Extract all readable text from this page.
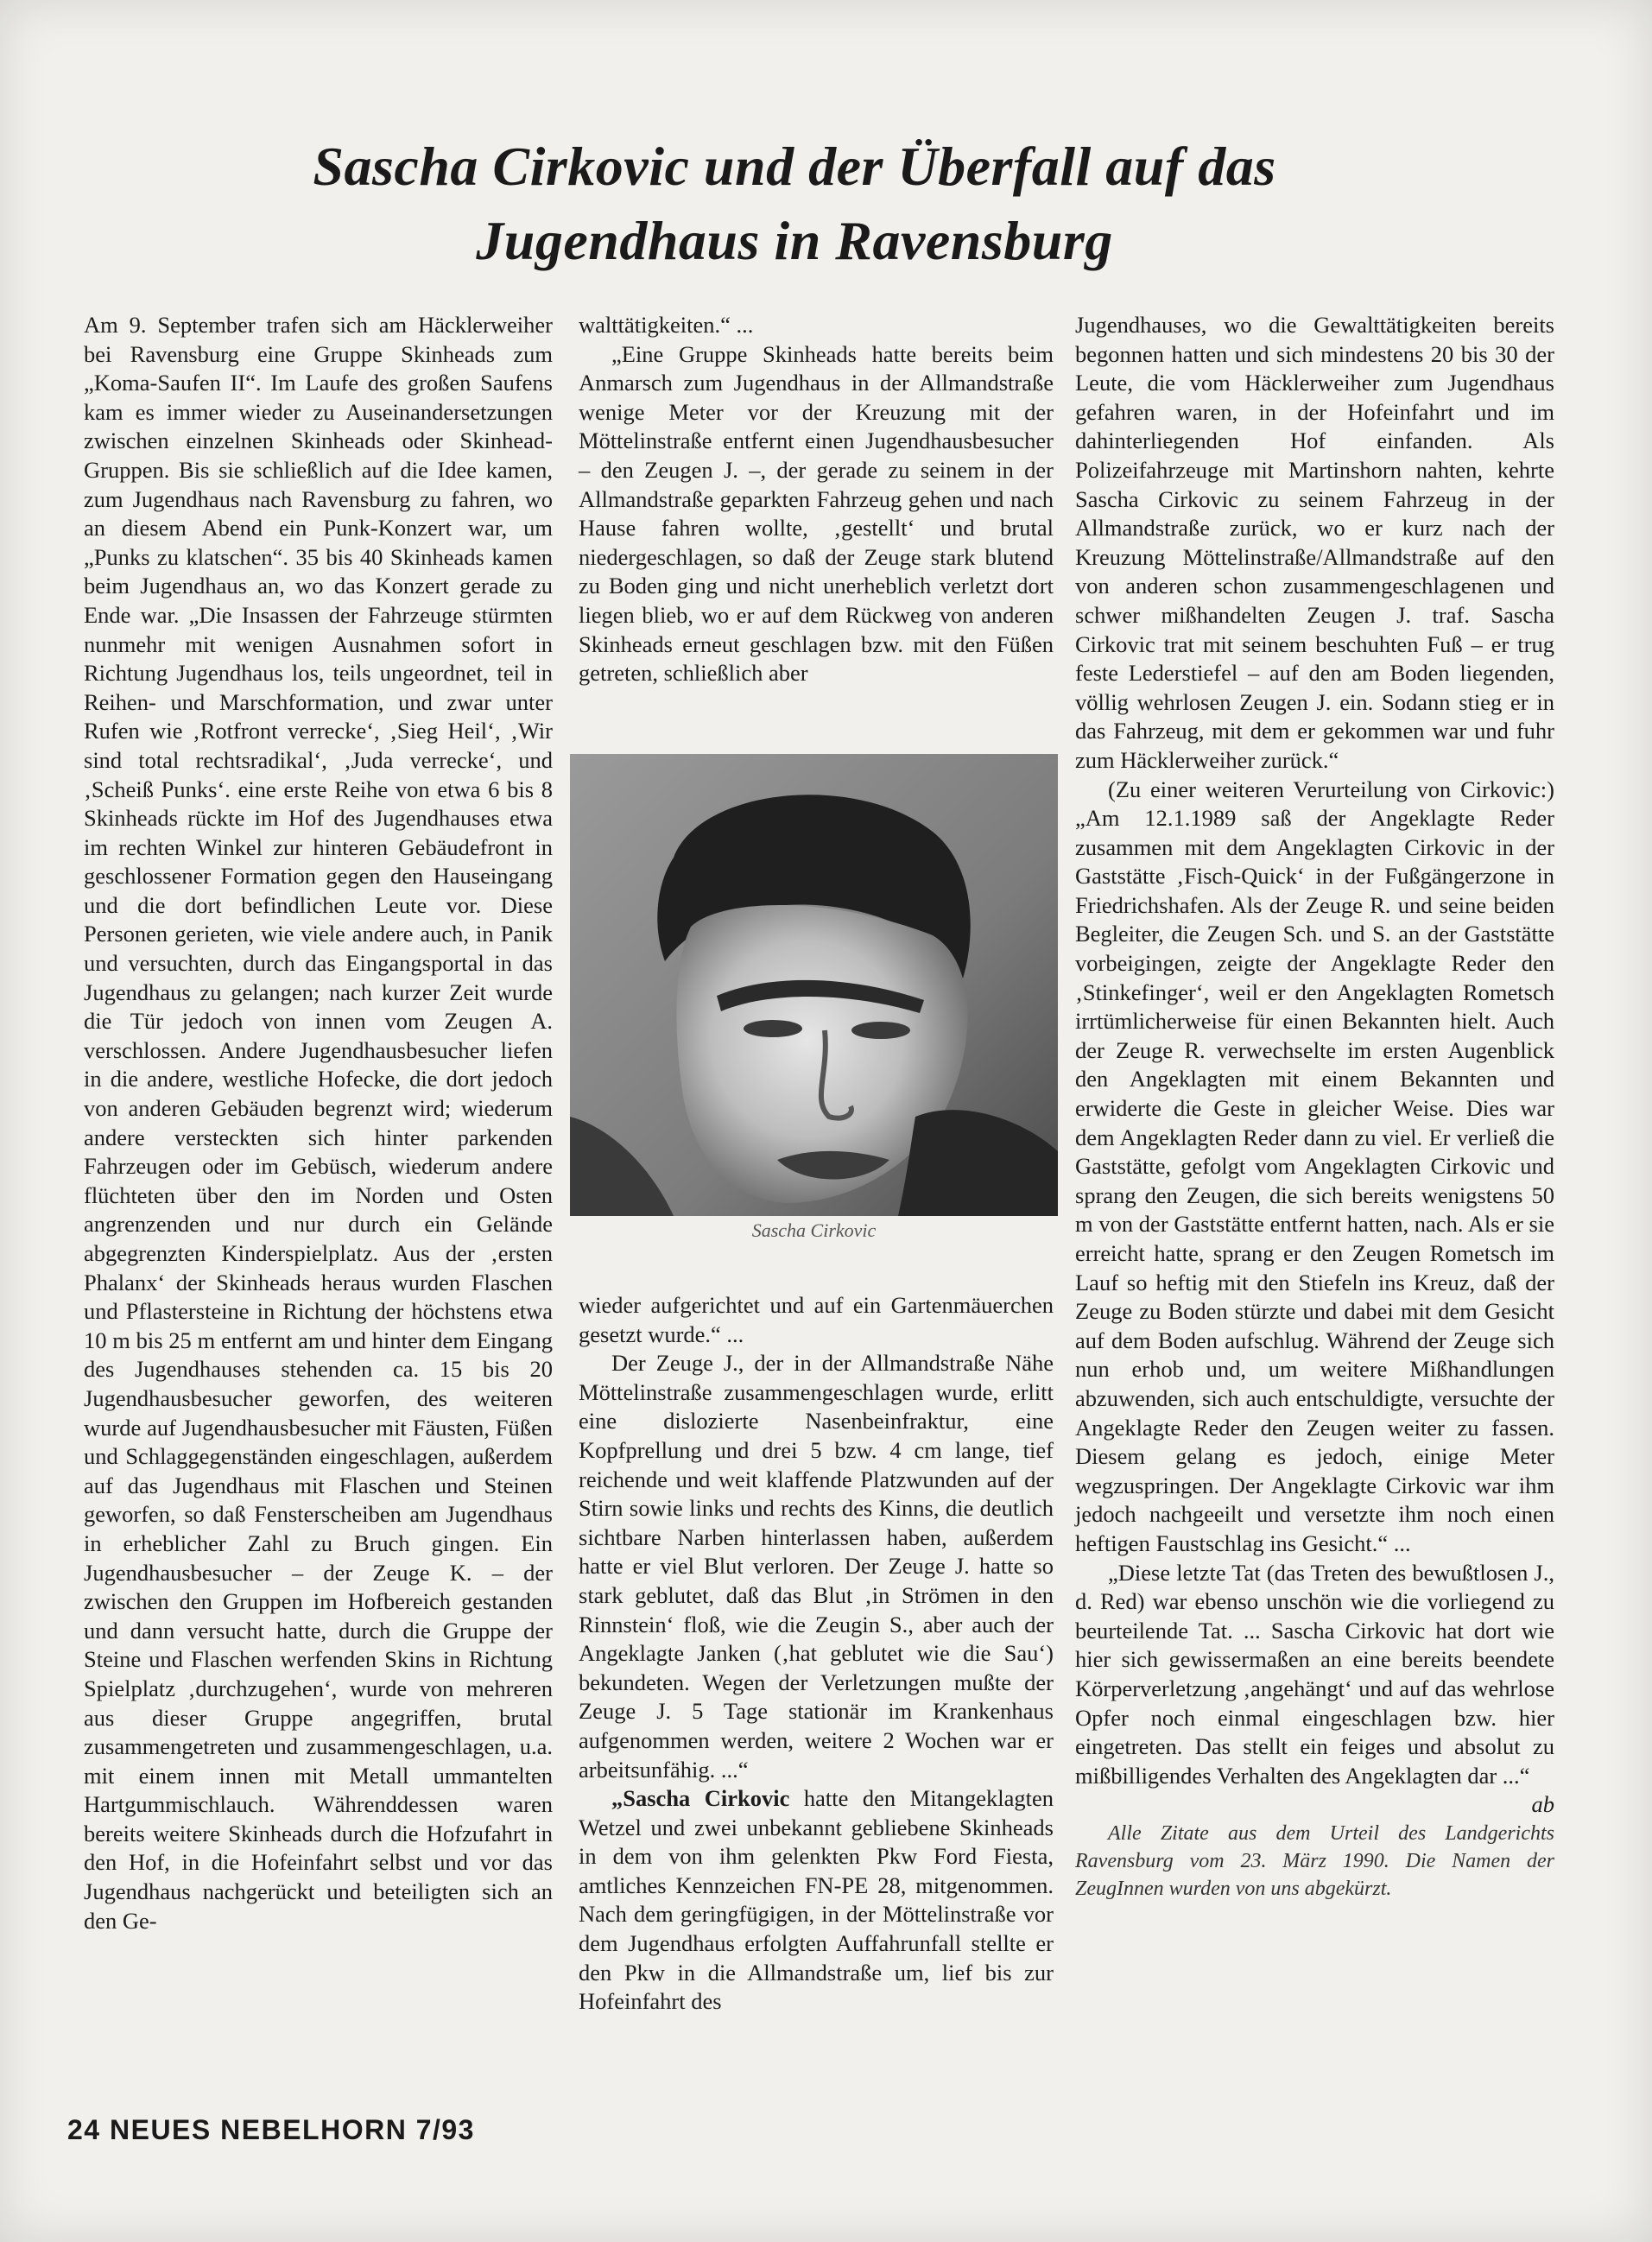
Sascha Cirkovic und der Überfall auf das
Jugendhaus in Ravensburg

Am 9. September trafen sich am Häcklerweiher bei Ravensburg eine Gruppe Skinheads zum „Koma-Saufen II“. Im Laufe des großen Saufens kam es immer wieder zu Auseinandersetzungen zwischen einzelnen Skinheads oder Skinhead-Gruppen. Bis sie schließlich auf die Idee kamen, zum Jugendhaus nach Ravensburg zu fahren, wo an diesem Abend ein Punk-Konzert war, um „Punks zu klatschen“. 35 bis 40 Skinheads kamen beim Jugendhaus an, wo das Konzert gerade zu Ende war. „Die Insassen der Fahrzeuge stürmten nunmehr mit wenigen Ausnahmen sofort in Richtung Jugendhaus los, teils ungeordnet, teil in Reihen- und Marschformation, und zwar unter Rufen wie ‚Rotfront verrecke‘, ‚Sieg Heil‘, ‚Wir sind total rechtsradikal‘, ‚Juda verrecke‘, und ‚Scheiß Punks‘. eine erste Reihe von etwa 6 bis 8 Skinheads rückte im Hof des Jugendhauses etwa im rechten Winkel zur hinteren Gebäudefront in geschlossener Formation gegen den Hauseingang und die dort befindlichen Leute vor. Diese Personen gerieten, wie viele andere auch, in Panik und versuchten, durch das Eingangsportal in das Jugendhaus zu gelangen; nach kurzer Zeit wurde die Tür jedoch von innen vom Zeugen A. verschlossen. Andere Jugendhausbesucher liefen in die andere, westliche Hofecke, die dort jedoch von anderen Gebäuden begrenzt wird; wiederum andere versteckten sich hinter parkenden Fahrzeugen oder im Gebüsch, wiederum andere flüchteten über den im Norden und Osten angrenzenden und nur durch ein Gelände abgegrenzten Kinderspielplatz. Aus der ‚ersten Phalanx‘ der Skinheads heraus wurden Flaschen und Pflastersteine in Richtung der höchstens etwa 10 m bis 25 m entfernt am und hinter dem Eingang des Jugendhauses stehenden ca. 15 bis 20 Jugendhausbesucher geworfen, des weiteren wurde auf Jugendhausbesucher mit Fäusten, Füßen und Schlaggegenständen eingeschlagen, außerdem auf das Jugendhaus mit Flaschen und Steinen geworfen, so daß Fensterscheiben am Jugendhaus in erheblicher Zahl zu Bruch gingen. Ein Jugendhausbesucher – der Zeuge K. – der zwischen den Gruppen im Hofbereich gestanden und dann versucht hatte, durch die Gruppe der Steine und Flaschen werfenden Skins in Richtung Spielplatz ‚durchzugehen‘, wurde von mehreren aus dieser Gruppe angegriffen, brutal zusammengetreten und zusammengeschlagen, u.a. mit einem innen mit Metall ummantelten Hartgummischlauch. Währenddessen waren bereits weitere Skinheads durch die Hofzufahrt in den Hof, in die Hofeinfahrt selbst und vor das Jugendhaus nachgerückt und beteiligten sich an den Ge-

walttätigkeiten.“ ...

„Eine Gruppe Skinheads hatte bereits beim Anmarsch zum Jugendhaus in der Allmandstraße wenige Meter vor der Kreuzung mit der Möttelinstraße entfernt einen Jugendhausbesucher – den Zeugen J. –, der gerade zu seinem in der Allmandstraße geparkten Fahrzeug gehen und nach Hause fahren wollte, ‚gestellt‘ und brutal niedergeschlagen, so daß der Zeuge stark blutend zu Boden ging und nicht unerheblich verletzt dort liegen blieb, wo er auf dem Rückweg von anderen Skinheads erneut geschlagen bzw. mit den Füßen getreten, schließlich aber

Sascha Cirkovic

wieder aufgerichtet und auf ein Gartenmäuerchen gesetzt wurde.“ ...

Der Zeuge J., der in der Allmandstraße Nähe Möttelinstraße zusammengeschlagen wurde, erlitt eine dislozierte Nasenbeinfraktur, eine Kopfprellung und drei 5 bzw. 4 cm lange, tief reichende und weit klaffende Platzwunden auf der Stirn sowie links und rechts des Kinns, die deutlich sichtbare Narben hinterlassen haben, außerdem hatte er viel Blut verloren. Der Zeuge J. hatte so stark geblutet, daß das Blut ‚in Strömen in den Rinnstein‘ floß, wie die Zeugin S., aber auch der Angeklagte Janken (‚hat geblutet wie die Sau‘) bekundeten. Wegen der Verletzungen mußte der Zeuge J. 5 Tage stationär im Krankenhaus aufgenommen werden, weitere 2 Wochen war er arbeitsunfähig. ...“

„Sascha Cirkovic hatte den Mitangeklagten Wetzel und zwei unbekannt gebliebene Skinheads in dem von ihm gelenkten Pkw Ford Fiesta, amtliches Kennzeichen FN-PE 28, mitgenommen. Nach dem geringfügigen, in der Möttelinstraße vor dem Jugendhaus erfolgten Auffahrunfall stellte er den Pkw in die Allmandstraße um, lief bis zur Hofeinfahrt des

Jugendhauses, wo die Gewalttätigkeiten bereits begonnen hatten und sich mindestens 20 bis 30 der Leute, die vom Häcklerweiher zum Jugendhaus gefahren waren, in der Hofeinfahrt und im dahinterliegenden Hof einfanden. Als Polizeifahrzeuge mit Martinshorn nahten, kehrte Sascha Cirkovic zu seinem Fahrzeug in der Allmandstraße zurück, wo er kurz nach der Kreuzung Möttelinstraße/Allmandstraße auf den von anderen schon zusammengeschlagenen und schwer mißhandelten Zeugen J. traf. Sascha Cirkovic trat mit seinem beschuhten Fuß – er trug feste Lederstiefel – auf den am Boden liegenden, völlig wehrlosen Zeugen J. ein. Sodann stieg er in das Fahrzeug, mit dem er gekommen war und fuhr zum Häcklerweiher zurück.“

(Zu einer weiteren Verurteilung von Cirkovic:) „Am 12.1.1989 saß der Angeklagte Reder zusammen mit dem Angeklagten Cirkovic in der Gaststätte ‚Fisch-Quick‘ in der Fußgängerzone in Friedrichshafen. Als der Zeuge R. und seine beiden Begleiter, die Zeugen Sch. und S. an der Gaststätte vorbeigingen, zeigte der Angeklagte Reder den ‚Stinkefinger‘, weil er den Angeklagten Rometsch irrtümlicherweise für einen Bekannten hielt. Auch der Zeuge R. verwechselte im ersten Augenblick den Angeklagten mit einem Bekannten und erwiderte die Geste in gleicher Weise. Dies war dem Angeklagten Reder dann zu viel. Er verließ die Gaststätte, gefolgt vom Angeklagten Cirkovic und sprang den Zeugen, die sich bereits wenigstens 50 m von der Gaststätte entfernt hatten, nach. Als er sie erreicht hatte, sprang er den Zeugen Rometsch im Lauf so heftig mit den Stiefeln ins Kreuz, daß der Zeuge zu Boden stürzte und dabei mit dem Gesicht auf dem Boden aufschlug. Während der Zeuge sich nun erhob und, um weitere Mißhandlungen abzuwenden, sich auch entschuldigte, versuchte der Angeklagte Reder den Zeugen weiter zu fassen. Diesem gelang es jedoch, einige Meter wegzuspringen. Der Angeklagte Cirkovic war ihm jedoch nachgeeilt und versetzte ihm noch einen heftigen Faustschlag ins Gesicht.“ ...

„Diese letzte Tat (das Treten des bewußtlosen J., d. Red) war ebenso unschön wie die vorliegend zu beurteilende Tat. ... Sascha Cirkovic hat dort wie hier sich gewissermaßen an eine bereits beendete Körperverletzung ‚angehängt‘ und auf das wehrlose Opfer noch einmal eingeschlagen bzw. hier eingetreten. Das stellt ein feiges und absolut zu mißbilligendes Verhalten des Angeklagten dar ...“

ab

Alle Zitate aus dem Urteil des Landgerichts Ravensburg vom 23. März 1990. Die Namen der ZeugInnen wurden von uns abgekürzt.

24 NEUES NEBELHORN 7/93
